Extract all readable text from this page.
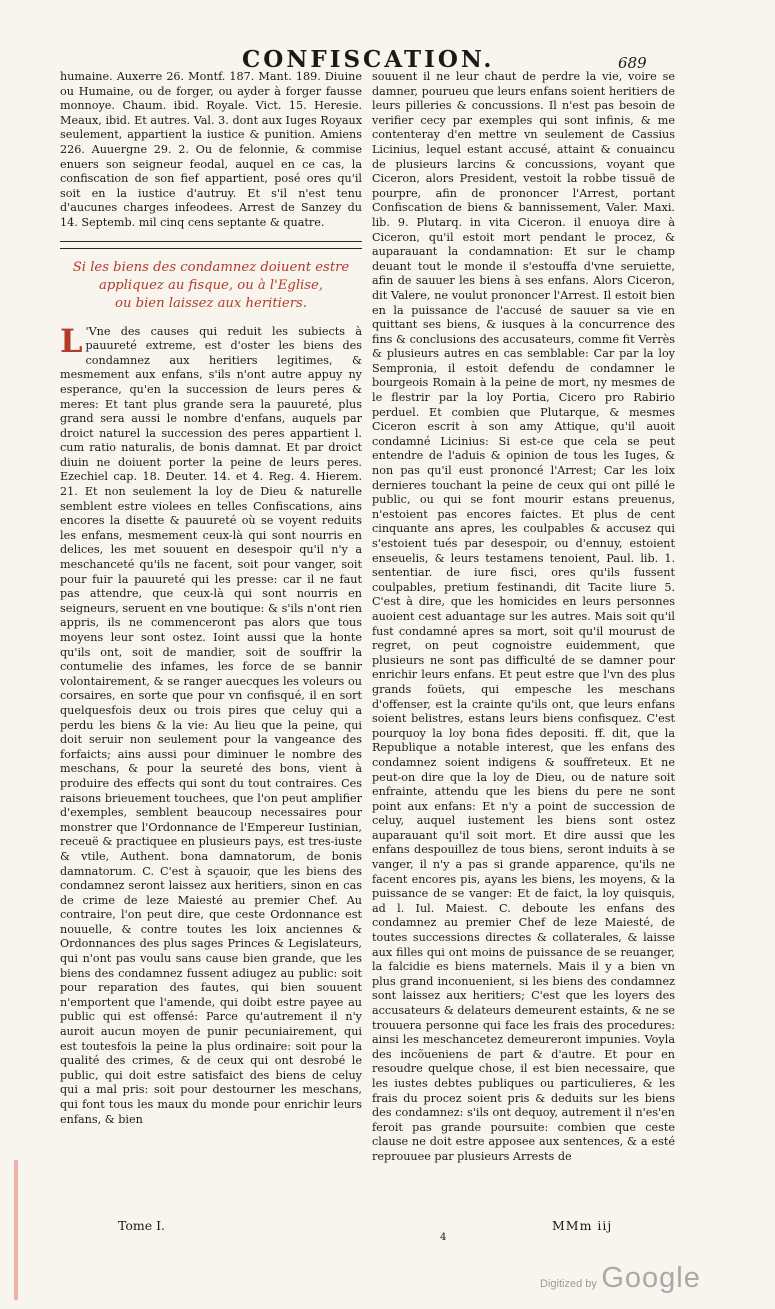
CONFISCATION.	689

humaine. Auxerre 26. Montf. 187. Mant. 189. Diuine ou Humaine, ou de forger, ou ayder à forger fausse monnoye. Chaum. ibid. Royale. Vict. 15. Heresie. Meaux, ibid. Et autres. Val. 3. dont aux Iuges Royaux seulement, appartient la iustice & punition. Amiens 226. Auuergne 29. 2. Ou de felonnie, & commise enuers son seigneur feodal, auquel en ce cas, la confiscation de son fief appartient, posé ores qu'il soit en la iustice d'autruy. Et s'il n'est tenu d'aucunes charges infeodees. Arrest de Sanzey du 14. Septemb. mil cinq cens septante & quatre.

Si les biens des condamnez doiuent estre
appliquez au fisque, ou à l'Eglise,
ou bien laissez aux heritiers.

L 'Vne des causes qui reduit les subiects à pauureté extreme, est d'oster les biens des condamnez aux heritiers legitimes, & mesmement aux enfans, s'ils n'ont autre appuy ny esperance, qu'en la succession de leurs peres & meres: Et tant plus grande sera la pauureté, plus grand sera aussi le nombre d'enfans, auquels par droict naturel la succession des peres appartient l. cum ratio naturalis, de bonis damnat. Et par droict diuin ne doiuent porter la peine de leurs peres. Ezechiel cap. 18. Deuter. 14. et 4. Reg. 4. Hierem. 21. Et non seulement la loy de Dieu & naturelle semblent estre violees en telles Confiscations, ains encores la disette & pauureté où se voyent reduits les enfans, mesmement ceux-là qui sont nourris en delices, les met souuent en desespoir qu'il n'y a meschanceté qu'ils ne facent, soit pour vanger, soit pour fuir la pauureté qui les presse: car il ne faut pas attendre, que ceux-là qui sont nourris en seigneurs, seruent en vne boutique: & s'ils n'ont rien appris, ils ne commenceront pas alors que tous moyens leur sont ostez. Ioint aussi que la honte qu'ils ont, soit de mandier, soit de souffrir la contumelie des infames, les force de se bannir volontairement, & se ranger auecques les voleurs ou corsaires, en sorte que pour vn confisqué, il en sort quelquesfois deux ou trois pires que celuy qui a perdu les biens & la vie: Au lieu que la peine, qui doit seruir non seulement pour la vangeance des forfaicts; ains aussi pour diminuer le nombre des meschans, & pour la seureté des bons, vient à produire des effects qui sont du tout contraires. Ces raisons brieuement touchees, que l'on peut amplifier d'exemples, semblent beaucoup necessaires pour monstrer que l'Ordonnance de l'Empereur Iustinian, receuë & practiquee en plusieurs pays, est tres-iuste & vtile, Authent. bona damnatorum, de bonis damnatorum. C. C'est à sçauoir, que les biens des condamnez seront laissez aux heritiers, sinon en cas de crime de leze Maiesté au premier Chef. Au contraire, l'on peut dire, que ceste Ordonnance est nouuelle, & contre toutes les loix anciennes & Ordonnances des plus sages Princes & Legislateurs, qui n'ont pas voulu sans cause bien grande, que les biens des condamnez fussent adiugez au public: soit pour reparation des fautes, qui bien souuent n'emportent que l'amende, qui doibt estre payee au public qui est offensé: Parce qu'autrement il n'y auroit aucun moyen de punir pecuniairement, qui est toutesfois la peine la plus ordinaire: soit pour la qualité des crimes, & de ceux qui ont desrobé le public, qui doit estre satisfaict des biens de celuy qui a mal pris: soit pour destourner les meschans, qui font tous les maux du monde pour enrichir leurs enfans, & bien

souuent il ne leur chaut de perdre la vie, voire se damner, pourueu que leurs enfans soient heritiers de leurs pilleries & concussions. Il n'est pas besoin de verifier cecy par exemples qui sont infinis, & me contenteray d'en mettre vn seulement de Cassius Licinius, lequel estant accusé, attaint & conuaincu de plusieurs larcins & concussions, voyant que Ciceron, alors President, vestoit la robbe tissuë de pourpre, afin de prononcer l'Arrest, portant Confiscation de biens & bannissement, Valer. Maxi. lib. 9. Plutarq. in vita Ciceron. il enuoya dire à Ciceron, qu'il estoit mort pendant le procez, & auparauant la condamnation: Et sur le champ deuant tout le monde il s'estouffa d'vne seruiette, afin de sauuer les biens à ses enfans. Alors Ciceron, dit Valere, ne voulut prononcer l'Arrest. Il estoit bien en la puissance de l'accusé de sauuer sa vie en quittant ses biens, & iusques à la concurrence des fins & conclusions des accusateurs, comme fit Verrès & plusieurs autres en cas semblable: Car par la loy Sempronia, il estoit defendu de condamner le bourgeois Romain à la peine de mort, ny mesmes de le flestrir par la loy Portia, Cicero pro Rabirio perduel. Et combien que Plutarque, & mesmes Ciceron escrit à son amy Attique, qu'il auoit condamné Licinius: Si est-ce que cela se peut entendre de l'aduis & opinion de tous les Iuges, & non pas qu'il eust prononcé l'Arrest; Car les loix dernieres touchant la peine de ceux qui ont pillé le public, ou qui se font mourir estans preuenus, n'estoient pas encores faictes. Et plus de cent cinquante ans apres, les coulpables & accusez qui s'estoient tués par desespoir, ou d'ennuy, estoient enseuelis, & leurs testamens tenoient, Paul. lib. 1. sententiar. de iure fisci, ores qu'ils fussent coulpables, pretium festinandi, dit Tacite liure 5. C'est à dire, que les homicides en leurs personnes auoient cest aduantage sur les autres. Mais soit qu'il fust condamné apres sa mort, soit qu'il mourust de regret, on peut cognoistre euidemment, que plusieurs ne sont pas difficulté de se damner pour enrichir leurs enfans. Et peut estre que l'vn des plus grands foüets, qui empesche les meschans d'offenser, est la crainte qu'ils ont, que leurs enfans soient belistres, estans leurs biens confisquez. C'est pourquoy la loy bona fides depositi. ff. dit, que la Republique a notable interest, que les enfans des condamnez soient indigens & souffreteux. Et ne peut-on dire que la loy de Dieu, ou de nature soit enfrainte, attendu que les biens du pere ne sont point aux enfans: Et n'y a point de succession de celuy, auquel iustement les biens sont ostez auparauant qu'il soit mort. Et dire aussi que les enfans despouillez de tous biens, seront induits à se vanger, il n'y a pas si grande apparence, qu'ils ne facent encores pis, ayans les biens, les moyens, & la puissance de se vanger: Et de faict, la loy quisquis, ad l. Iul. Maiest. C. deboute les enfans des condamnez au premier Chef de leze Maiesté, de toutes successions directes & collaterales, & laisse aux filles qui ont moins de puissance de se reuanger, la falcidie es biens maternels. Mais il y a bien vn plus grand inconuenient, si les biens des condamnez sont laissez aux heritiers; C'est que les loyers des accusateurs & delateurs demeurent estaints, & ne se trouuera personne qui face les frais des procedures: ainsi les meschancetez demeureront impunies. Voyla des incõueniens de part & d'autre. Et pour en resoudre quelque chose, il est bien necessaire, que les iustes debtes publiques ou particulieres, & les frais du procez soient pris & deduits sur les biens des condamnez: s'ils ont dequoy, autrement il n'es'en feroit pas grande poursuite: combien que ceste clause ne doit estre apposee aux sentences, & a esté reprouuee par plusieurs Arrests de

Tome I.
4
MMm iij
Digitized by Google
